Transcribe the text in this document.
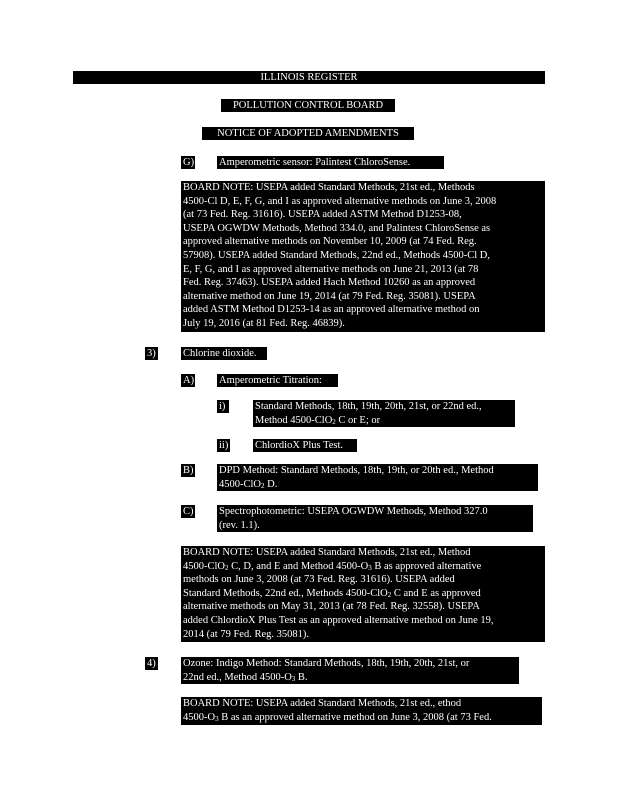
ILLINOIS REGISTER
POLLUTION CONTROL BOARD
NOTICE OF ADOPTED AMENDMENTS
G) Amperometric sensor: Palintest ChloroSense.
BOARD NOTE: USEPA added Standard Methods, 21st ed., Methods
4500-Cl D, E, F, G, and I as approved alternative methods on June 3, 2008
(at 73 Fed. Reg. 31616). USEPA added ASTM Method D1253-08,
USEPA OGWDW Methods, Method 334.0, and Palintest ChloroSense as
approved alternative methods on November 10, 2009 (at 74 Fed. Reg.
57908). USEPA added Standard Methods, 22nd ed., Methods 4500-Cl D,
E, F, G, and I as approved alternative methods on June 21, 2013 (at 78
Fed. Reg. 37463). USEPA added Hach Method 10260 as an approved
alternative method on June 19, 2014 (at 79 Fed. Reg. 35081). USEPA
added ASTM Method D1253-14 as an approved alternative method on
July 19, 2016 (at 81 Fed. Reg. 46839).
3)	Chlorine dioxide.
A) Amperometric Titration:
i)	Standard Methods, 18th, 19th, 20th, 21st, or 22nd ed.,
Method 4500-ClO$_2$ C or E; or
ii)	ChlordioX Plus Test.
B) DPD Method: Standard Methods, 18th, 19th, or 20th ed., Method
4500-ClO$_2$ D.
C) Spectrophotometric: USEPA OGWDW Methods, Method 327.0
(rev. 1.1).
BOARD NOTE: USEPA added Standard Methods, 21st ed., Method
4500-ClO$_2$ C, D, and E and Method $4500-O_3$ B as approved alternative
methods on June 3, 2008 (at 73 Fed. Reg. 31616). USEPA added
Standard Methods, 22nd ed., Methods 4500-ClO$_2$ C and E as approved
alternative methods on May 31, 2013 (at 78 Fed. Reg. 32558). USEPA
added ChlordioX Plus Test as an approved alternative method on June 19,
2014 (at 79 Fed. Reg. 35081).
4)	Ozone: Indigo Method: Standard Methods, 18th, 19th, 20th, 21st, or
22nd ed., Method $4500-O_3$ B.
BOARD NOTE: USEPA added Standard Methods, 21st ed., ethod
$4500-O_3$ B as an approved alternative method on June 3, 2008 (at 73 Fed.
